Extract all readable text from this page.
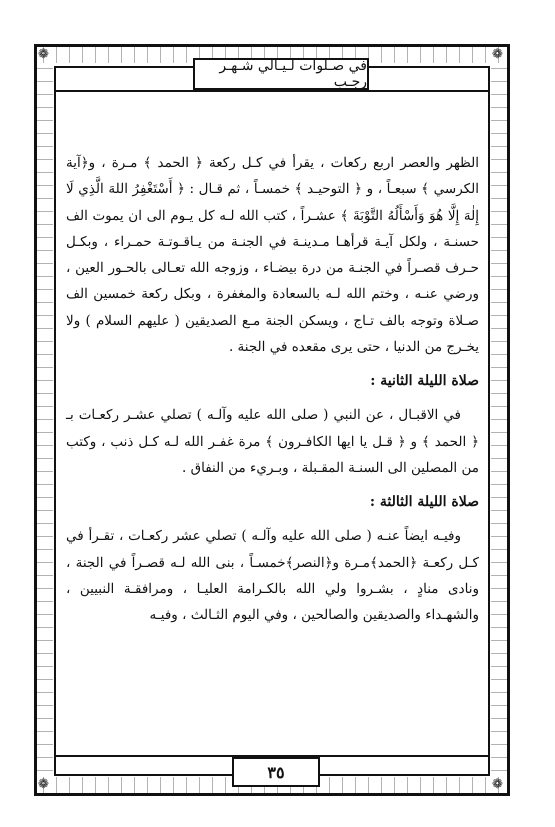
❁	❁
❁	❁
في صـلوات لـيـالي شـهـر رجـب

الظهر والعصر اربع ركعات ، يقرأ في كـل ركعة ﴿ الحمد ﴾ مـرة ، و﴿آية الكرسي ﴾ سبعـاً ، و ﴿ التوحيـد ﴾ خمسـاً ، ثم قـال : ﴿ أَسْتَغْفِرُ اللهَ الَّذِي لَا إِلٰهَ إِلَّا هُوَ وَأَسْأَلُهُ التَّوْبَةَ ﴾ عشـراً ، كتب الله لـه كل يـوم الى ان يموت الف حسنـة ، ولكل آيـة قرأهـا مـدينـة في الجنـة من يـاقـوتـة حمـراء ، وبكـل حـرف قصـراً في الجنـة من درة بيضـاء ، وزوجه الله تعـالى بالحـور العين ، ورضي عنـه ، وختم الله لـه بالسعادة والمغفرة ، وبكل ركعة خمسين الف صـلاة وتوجه بالف تـاج ، ويسكن الجنة مـع الصديقين ( عليهم السلام ) ولا يخـرج من الدنيا ، حتى يرى مقعده في الجنة .

صلاة الليلة الثانية :

في الاقبـال ، عن النبي ( صلى الله عليه وآلـه ) تصلي عشـر ركعـات بـ ﴿ الحمد ﴾ و ﴿ قـل يا ايها الكافـرون ﴾ مرة غفـر الله لـه كـل ذنب ، وكتب من المصلين الى السنـة المقـبلة ، وبـريء من النفاق .

صلاة الليلة الثالثة :

وفيـه ايضاً عنـه ( صلى الله عليه وآلـه ) تصلي عشر ركعـات ، تقـرأ في كـل ركعـة ﴿الحمد﴾مـرة و﴿النصر﴾خمسـاً ، بنى الله لـه قصـراً في الجنة ، ونادى منادٍ ، بشـروا ولي الله بالكـرامة العليـا ، ومرافقـة النبيين ، والشهـداء والصديقين والصالحين ، وفي اليوم الثـالث ، وفيـه

٣٥
